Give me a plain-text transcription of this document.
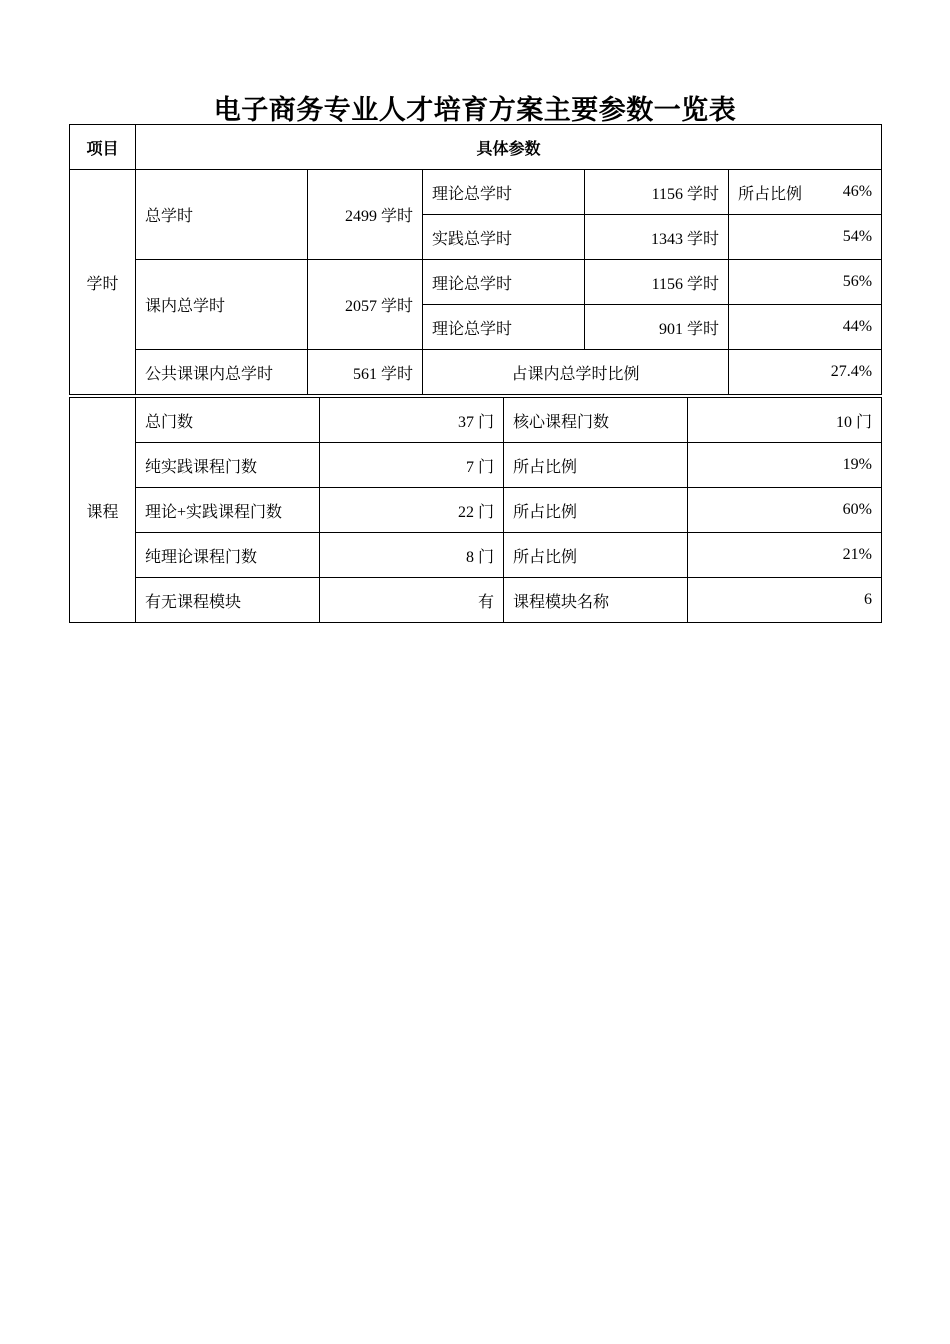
电子商务专业人才培育方案主要参数一览表
项目	具体参数				
学时	总学时	2499 学时	理论总学时	1156 学时	所占比例 46%

			实践总学时	1343 学时	54%
	课内总学时	2057 学时	理论总学时	1156 学时	56%
			理论总学时	901 学时	44%
	公共课课内总学时	561 学时	占课内总学时比例		27.4%
课程	总门数	37 门	核心课程门数	10 门
	纯实践课程门数	7 门	所占比例	19%
	理论+实践课程门数	22 门	所占比例	60%
	纯理论课程门数	8 门	所占比例	21%
	有无课程模块	有	课程模块名称	6
